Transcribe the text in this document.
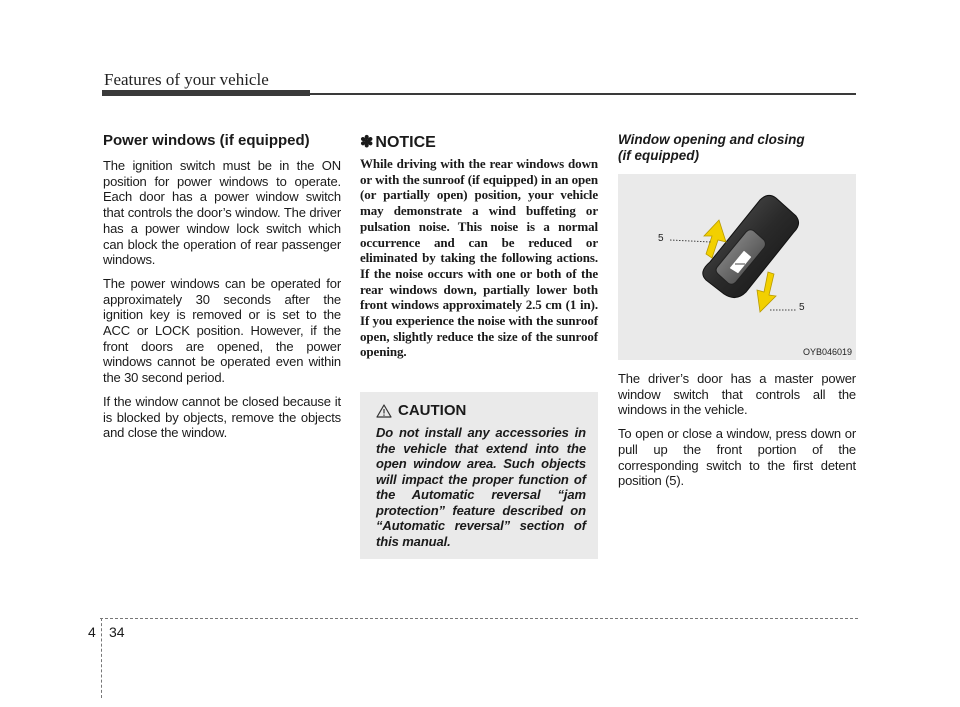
Features of your vehicle
Power windows (if equipped)

The ignition switch must be in the ON position for power windows to operate. Each door has a power window switch that controls the door’s window. The driver has a power window lock switch which can block the operation of rear passenger windows.

The power windows can be operated for approximately 30 seconds after the ignition key is removed or is set to the ACC or LOCK position. However, if the front doors are opened, the power windows cannot be operated even within the 30 second period.

If the window cannot be closed because it is blocked by objects, remove the objects and close the window.

✽ NOTICE

While driving with the rear windows down or with the sunroof (if equipped) in an open (or partially open) position, your vehicle may demonstrate a wind buffeting or pulsation noise. This noise is a normal occurrence and can be reduced or eliminated by taking the following actions. If the noise occurs with one or both of the rear windows down, partially lower both front windows approximately 2.5 cm (1 in). If you experience the noise with the sunroof open, slightly reduce the size of the sunroof opening.

CAUTION

Do not install any accessories in the vehicle that extend into the open window area. Such objects will impact the proper function of the Automatic reversal “jam protection” feature described on “Automatic reversal” section of this manual.

Window opening and closing
(if equipped)
5
5
OYB046019

The driver’s door has a master power window switch that controls all the windows in the vehicle.

To open or close a window, press down or pull up the front portion of the corresponding switch to the first detent position (5).

4 34
